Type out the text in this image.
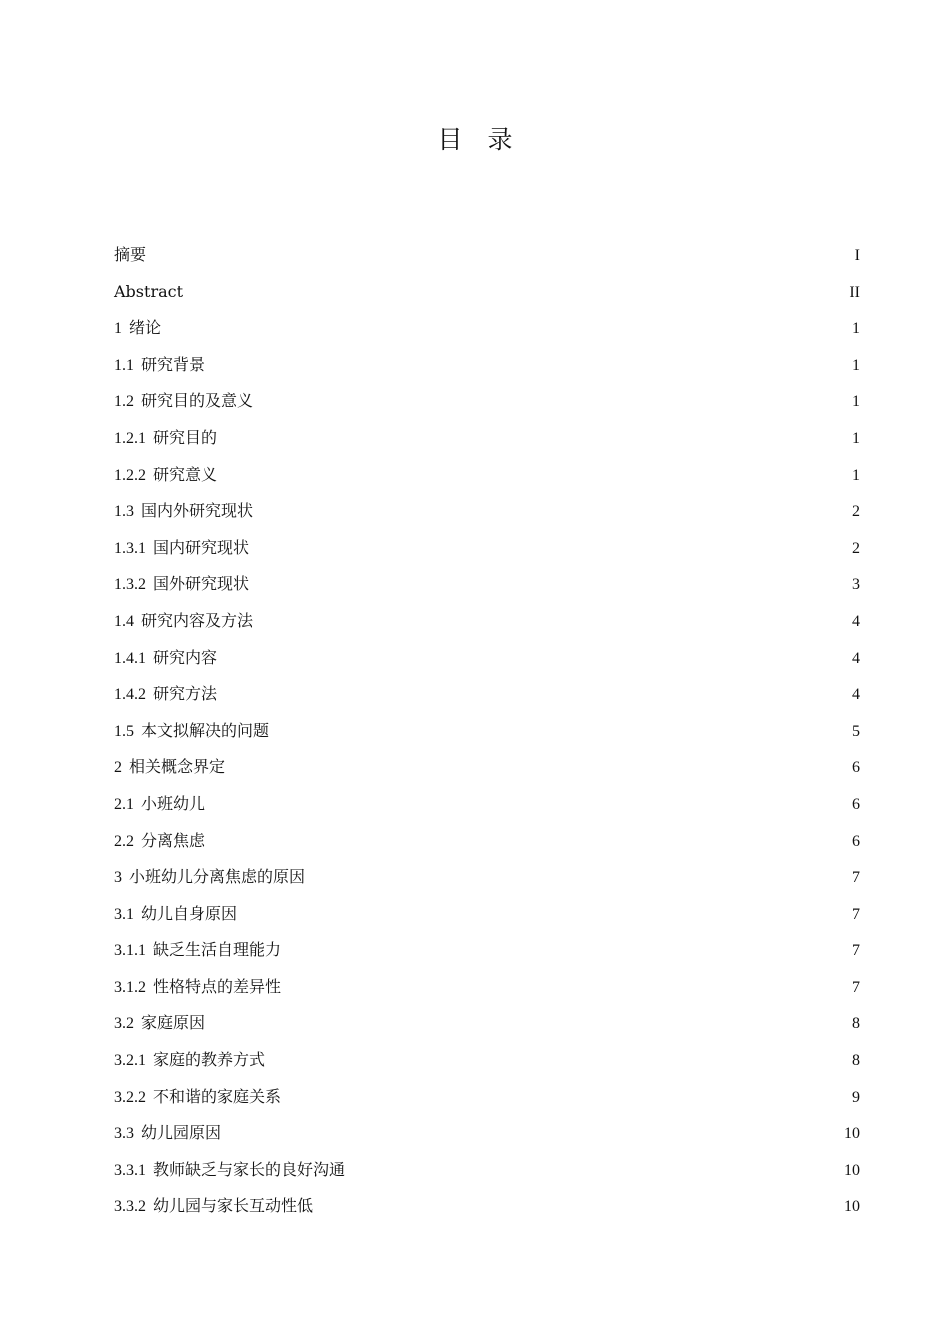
目　录
摘要	I
Abstract	II
1 绪论	1
1.1 研究背景	1
1.2 研究目的及意义	1
1.2.1 研究目的	1
1.2.2 研究意义	1
1.3 国内外研究现状	2
1.3.1 国内研究现状	2
1.3.2 国外研究现状	3
1.4 研究内容及方法	4
1.4.1 研究内容	4
1.4.2 研究方法	4
1.5 本文拟解决的问题	5
2 相关概念界定	6
2.1 小班幼儿	6
2.2 分离焦虑	6
3 小班幼儿分离焦虑的原因	7
3.1 幼儿自身原因	7
3.1.1 缺乏生活自理能力	7
3.1.2 性格特点的差异性	7
3.2 家庭原因	8
3.2.1 家庭的教养方式	8
3.2.2 不和谐的家庭关系	9
3.3 幼儿园原因	10
3.3.1 教师缺乏与家长的良好沟通	10
3.3.2 幼儿园与家长互动性低	10
